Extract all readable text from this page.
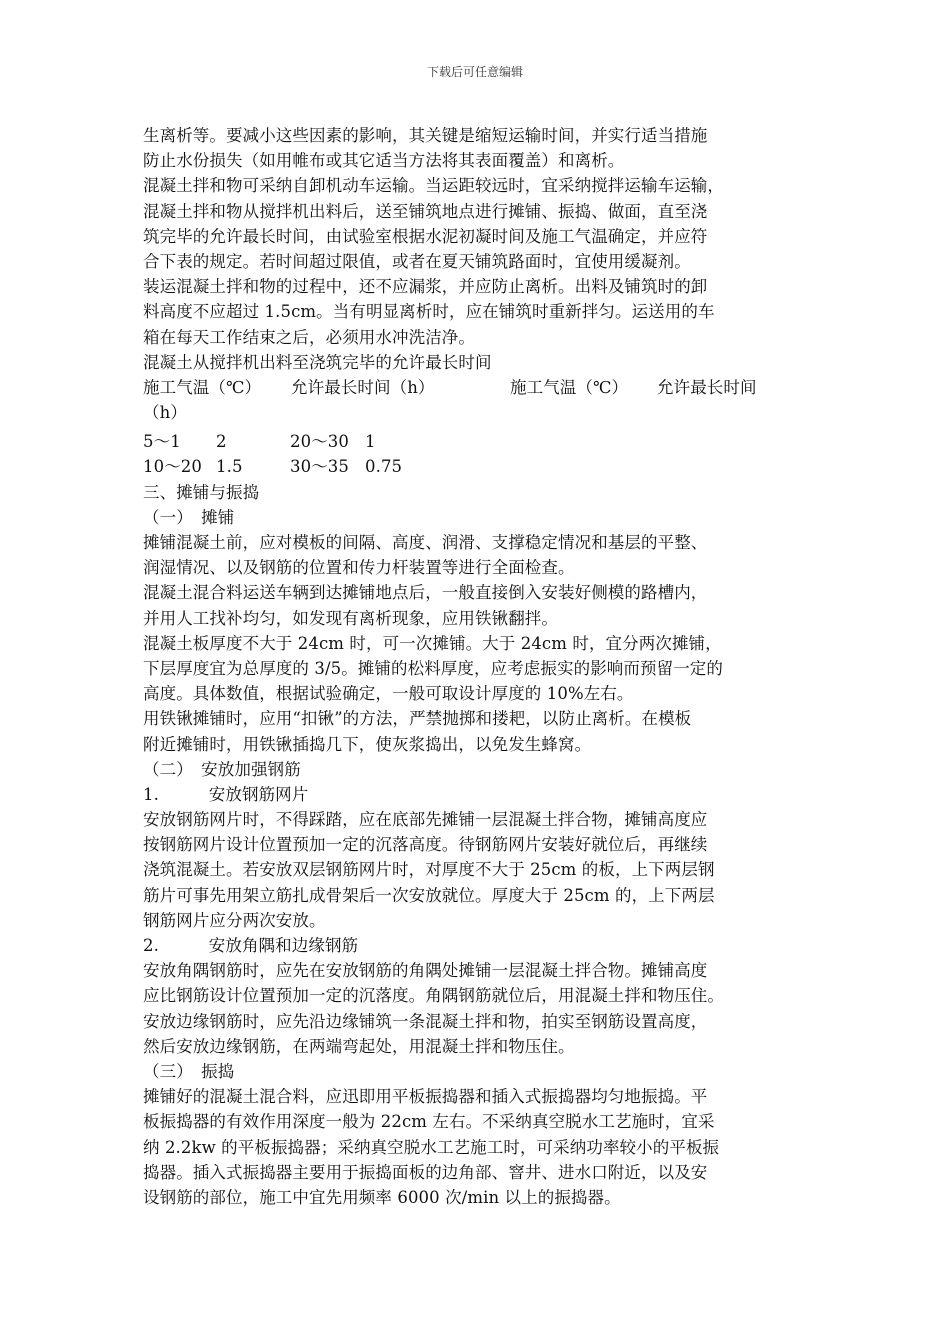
下载后可任意编辑
生离析等。要减小这些因素的影响，其关键是缩短运输时间，并实行适当措施
防止水份损失（如用帷布或其它适当方法将其表面覆盖）和离析。
混凝土拌和物可采纳自卸机动车运输。当运距较远时，宜采纳搅拌运输车运输，
混凝土拌和物从搅拌机出料后，送至铺筑地点进行摊铺、振捣、做面，直至浇
筑完毕的允许最长时间，由试验室根据水泥初凝时间及施工气温确定，并应符
合下表的规定。若时间超过限值，或者在夏天铺筑路面时，宜使用缓凝剂。
装运混凝土拌和物的过程中，还不应漏浆，并应防止离析。出料及铺筑时的卸
料高度不应超过 1.5cm。当有明显离析时，应在铺筑时重新拌匀。运送用的车
箱在每天工作结束之后，必须用水冲洗洁净。
混凝土从搅拌机出料至浇筑完毕的允许最长时间
施工气温（℃） 允许最长时间（h）	施工气温（℃） 允许最长时间
（h）
5～1 2	20～30 1
10～20 1.5	30～35 0.75
三、摊铺与振捣
（一）　摊铺
摊铺混凝土前，应对模板的间隔、高度、润滑、支撑稳定情况和基层的平整、
润湿情况、以及钢筋的位置和传力杆装置等进行全面检查。
混凝土混合料运送车辆到达摊铺地点后，一般直接倒入安装好侧模的路槽内，
并用人工找补均匀，如发现有离析现象，应用铁锹翻拌。
混凝土板厚度不大于 24cm 时，可一次摊铺。大于 24cm 时，宜分两次摊铺，
下层厚度宜为总厚度的 3/5。摊铺的松料厚度，应考虑振实的影响而预留一定的
高度。具体数值，根据试验确定，一般可取设计厚度的 10%左右。
用铁锹摊铺时，应用“扣锹”的方法，严禁抛掷和搂耙，以防止离析。在模板
附近摊铺时，用铁锹插捣几下，使灰浆捣出，以免发生蜂窝。
（二）　安放加强钢筋
1.　　　安放钢筋网片
安放钢筋网片时，不得踩踏，应在底部先摊铺一层混凝土拌合物，摊铺高度应
按钢筋网片设计位置预加一定的沉落高度。待钢筋网片安装好就位后，再继续
浇筑混凝土。若安放双层钢筋网片时，对厚度不大于 25cm 的板，上下两层钢
筋片可事先用架立筋扎成骨架后一次安放就位。厚度大于 25cm 的，上下两层
钢筋网片应分两次安放。
2.　　　安放角隅和边缘钢筋
安放角隅钢筋时，应先在安放钢筋的角隅处摊铺一层混凝土拌合物。摊铺高度
应比钢筋设计位置预加一定的沉落度。角隅钢筋就位后，用混凝土拌和物压住。
安放边缘钢筋时，应先沿边缘铺筑一条混凝土拌和物，拍实至钢筋设置高度，
然后安放边缘钢筋，在两端弯起处，用混凝土拌和物压住。
（三）　振捣
摊铺好的混凝土混合料，应迅即用平板振捣器和插入式振捣器均匀地振捣。平
板振捣器的有效作用深度一般为 22cm 左右。不采纳真空脱水工艺施时，宜采
纳 2.2kw 的平板振捣器；采纳真空脱水工艺施工时，可采纳功率较小的平板振
捣器。插入式振捣器主要用于振捣面板的边角部、窨井、进水口附近，以及安
设钢筋的部位，施工中宜先用频率 6000 次/min 以上的振捣器。
